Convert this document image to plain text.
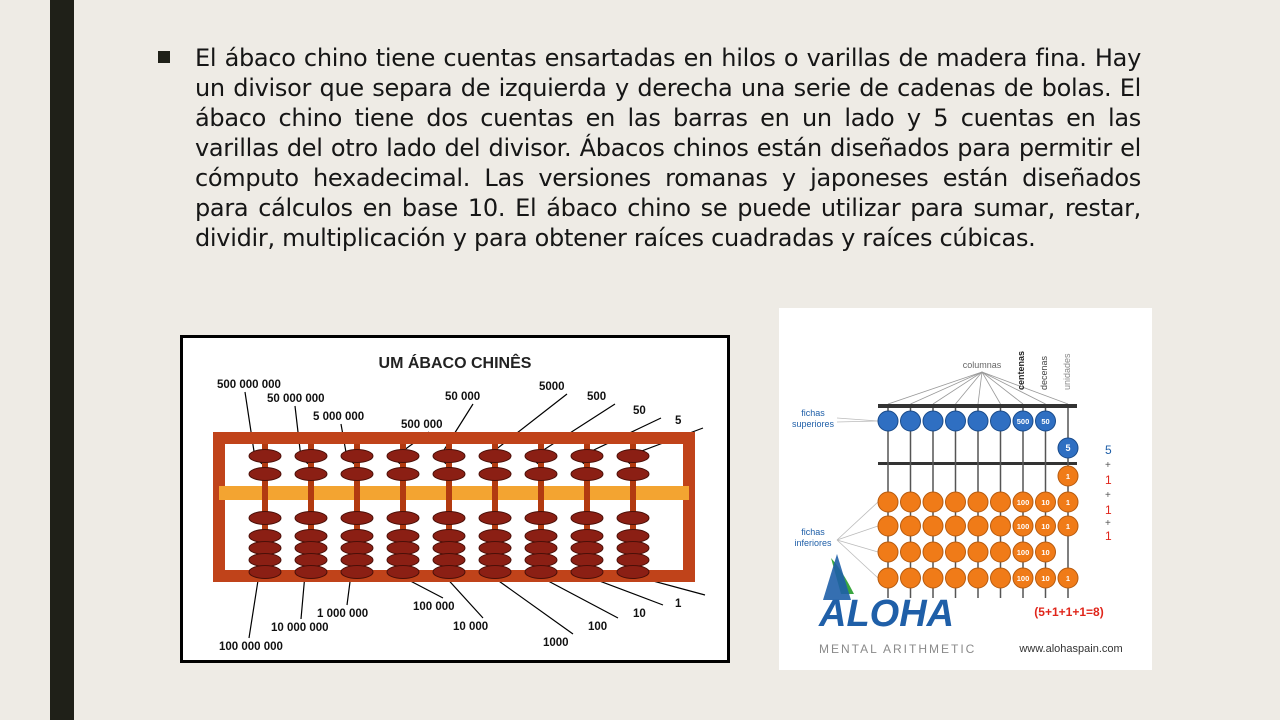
El ábaco chino tiene cuentas ensartadas en hilos o varillas de madera fina. Hay un divisor que separa de izquierda y derecha una serie de cadenas de bolas. El ábaco chino tiene dos cuentas en las barras en un lado y 5 cuentas en las varillas del otro lado del divisor. Ábacos chinos están diseñados para permitir el cómputo hexadecimal. Las versiones romanas y japoneses están diseñados para cálculos en base 10. El ábaco chino se puede utilizar para sumar, restar, dividir, multiplicación y para obtener raíces cuadradas y raíces cúbicas.

UM ÁBACO CHINÊS
500 000 000
100 000 000
50 000 000
10 000 000
5 000 000
1 000 000
500 000
100 000
50 000
10 000
5000
1000
500
100
50
10
5
1
columnas centenas decenas unidades
fichas
superiores
fichas
inferiores
500
100
100
100
100
50
10
10
10
10
5
1
1
1
1
5
+
1
+
1
+
1
(5+1+1+1=8)
ALOHA
MENTAL ARITHMETIC	www.alohaspain.com
